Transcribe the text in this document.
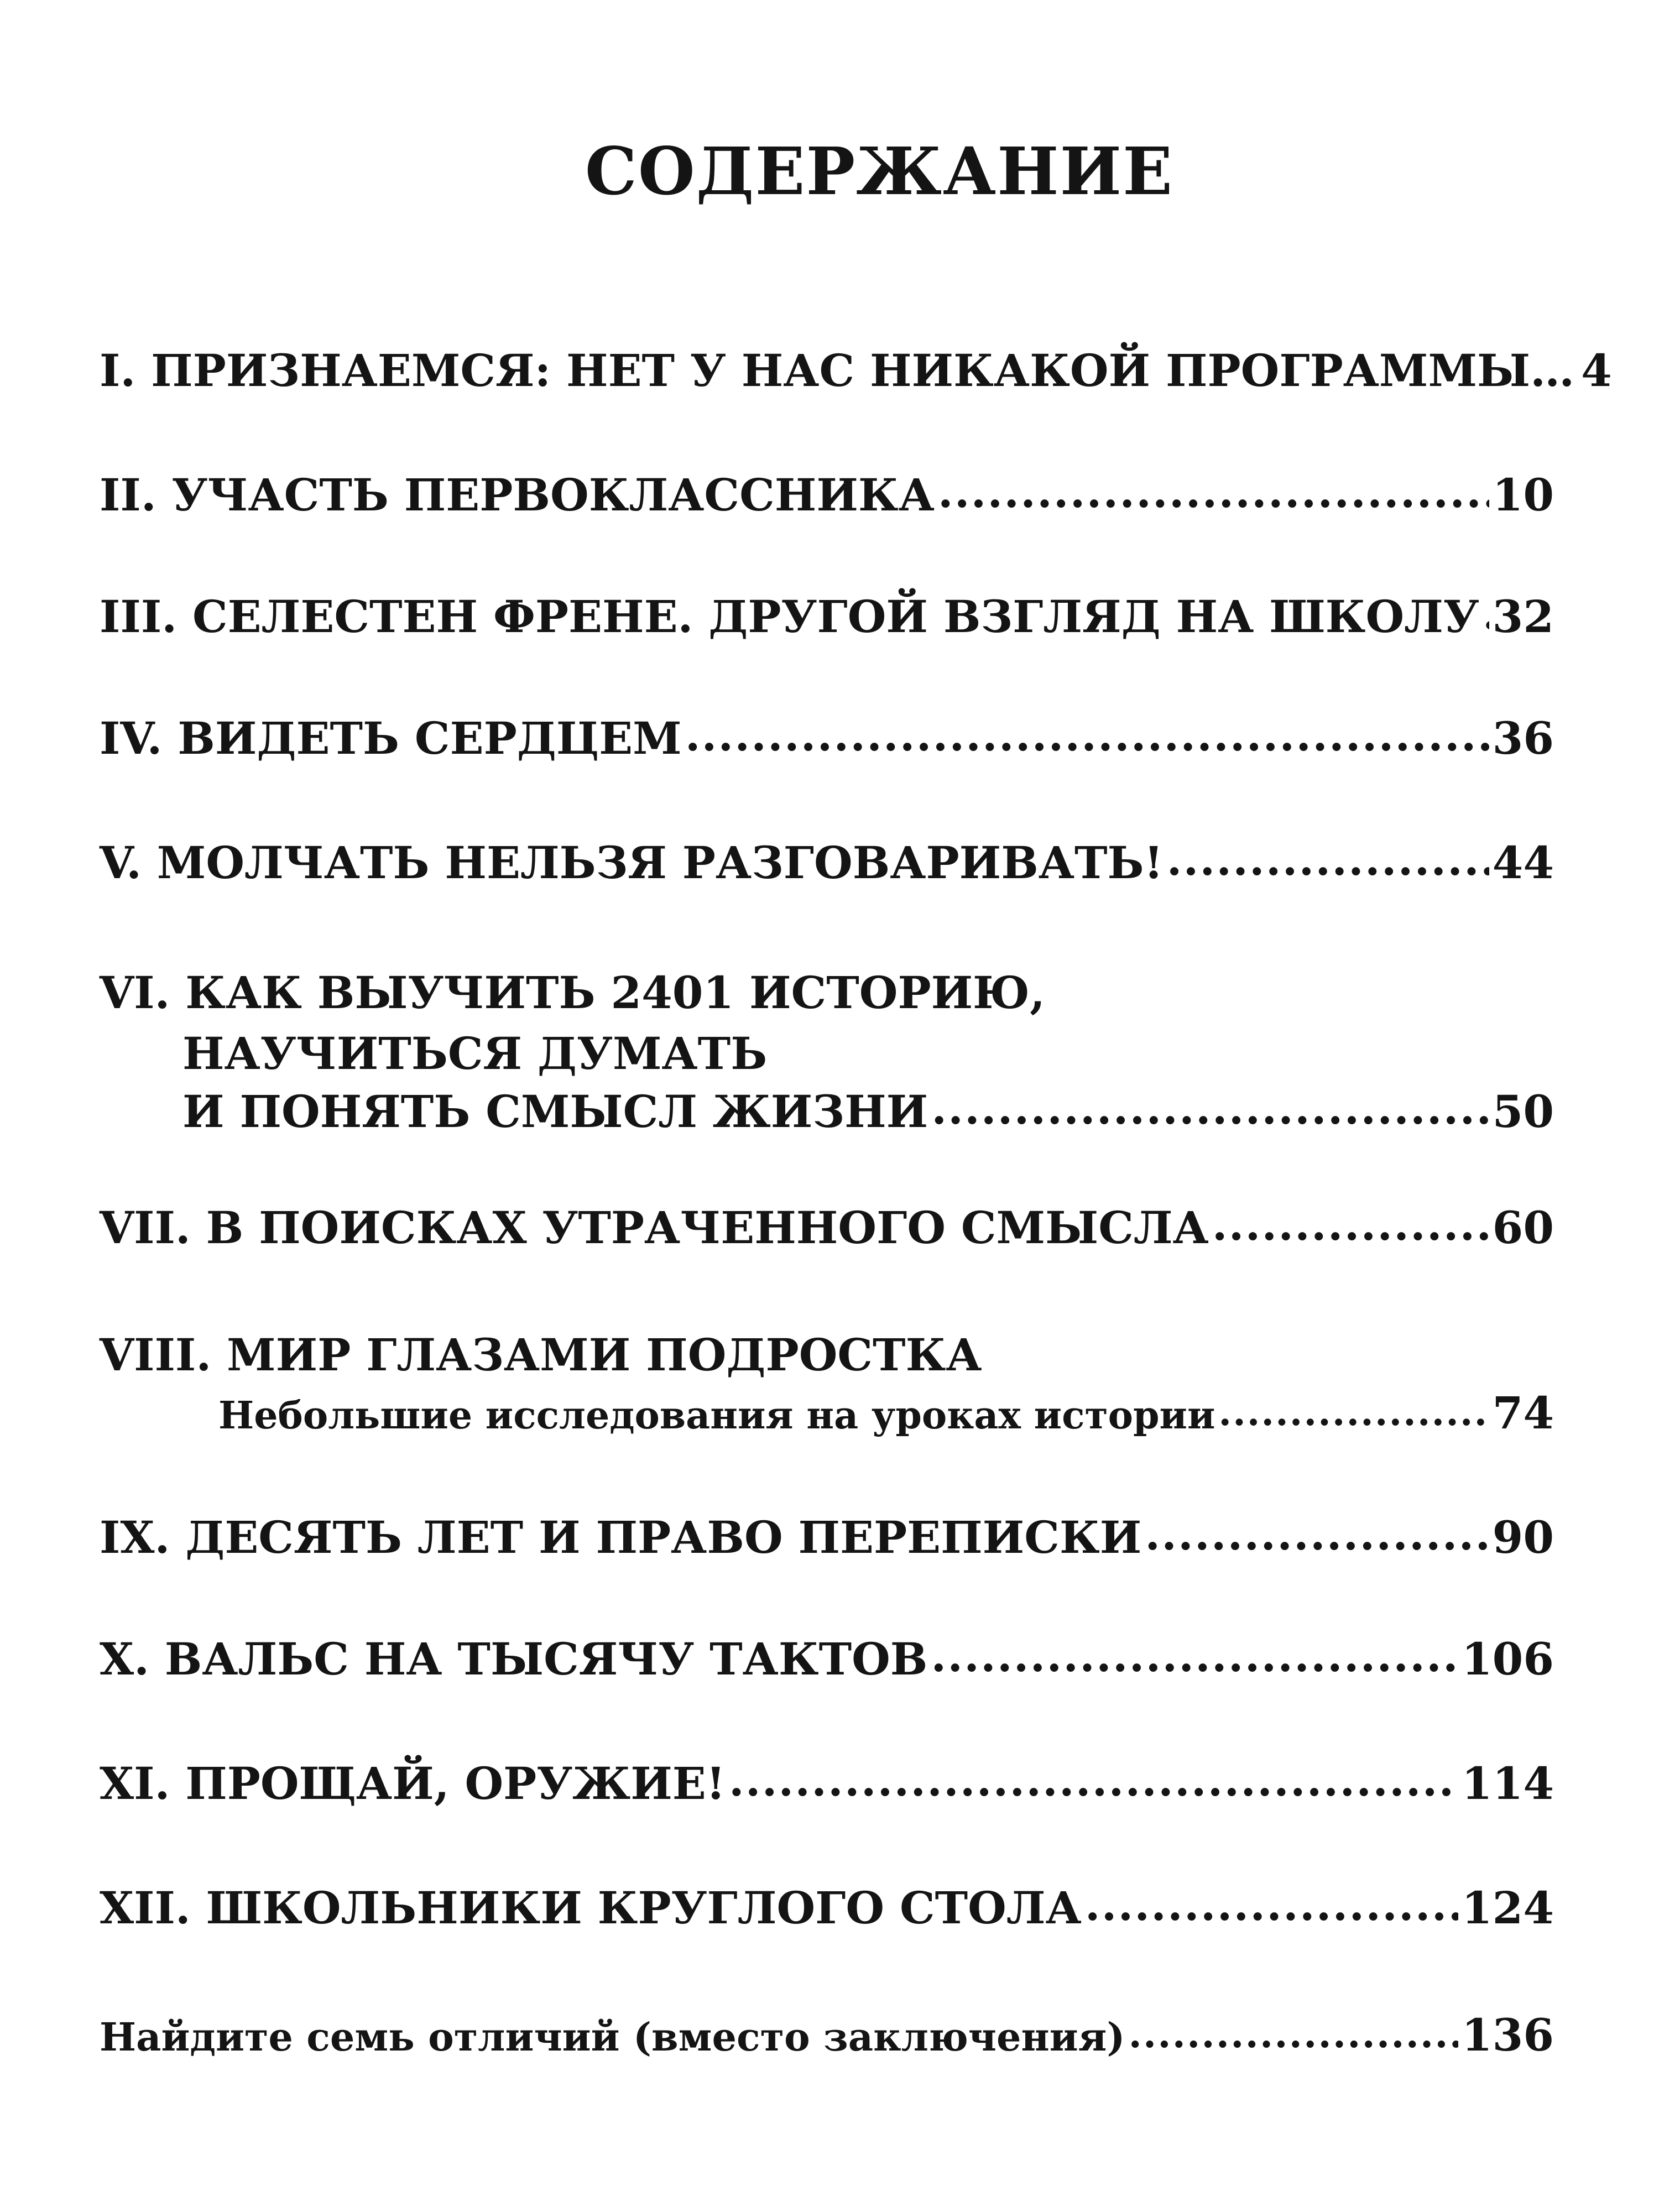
СОДЕРЖАНИЕ
I. ПРИЗНАЕМСЯ: НЕТ У НАС НИКАКОЙ ПРОГРАММЫ… 4
II. УЧАСТЬ ПЕРВОКЛАССНИКА .....	10
III. СЕЛЕСТЕН ФРЕНЕ. ДРУГОЙ ВЗГЛЯД НА ШКОЛУ ..... 32
IV. ВИДЕТЬ СЕРДЦЕМ .....	36
V. МОЛЧАТЬ НЕЛЬЗЯ РАЗГОВАРИВАТЬ! .....	44
VI. КАК ВЫУЧИТЬ 2401 ИСТОРИЮ,
НАУЧИТЬСЯ ДУМАТЬ
И ПОНЯТЬ СМЫСЛ ЖИЗНИ .....	50
VII. В ПОИСКАХ УТРАЧЕННОГО СМЫСЛА .....	60
VIII. МИР ГЛАЗАМИ ПОДРОСТКА
Небольшие исследования на уроках истории .....	74
IX. ДЕСЯТЬ ЛЕТ И ПРАВО ПЕРЕПИСКИ .....	90
X. ВАЛЬС НА ТЫСЯЧУ ТАКТОВ .....	106
XI. ПРОЩАЙ, ОРУЖИЕ! .....	114
XII. ШКОЛЬНИКИ КРУГЛОГО СТОЛА .....	124
Найдите семь отличий (вместо заключения) .....	136
